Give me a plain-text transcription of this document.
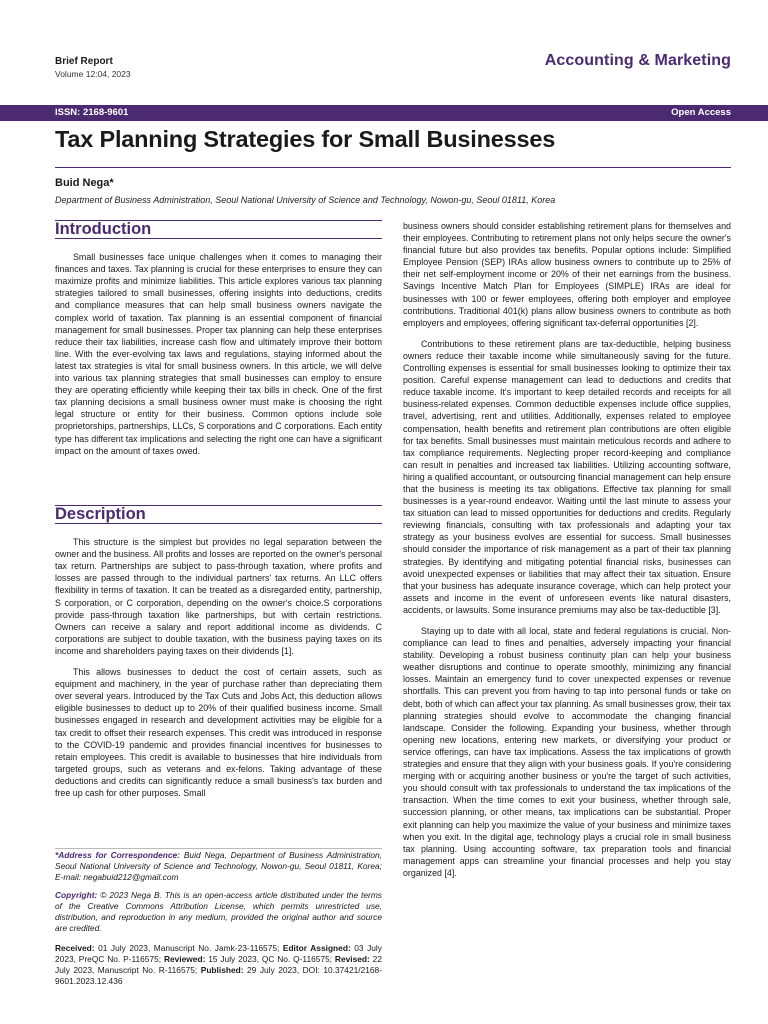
Brief Report
Volume 12:04, 2023
Accounting & Marketing
ISSN: 2168-9601	Open Access
Tax Planning Strategies for Small Businesses
Buid Nega*
Department of Business Administration, Seoul National University of Science and Technology, Nowon-gu, Seoul 01811, Korea
Introduction
Small businesses face unique challenges when it comes to managing their finances and taxes. Tax planning is crucial for these enterprises to ensure they can maximize profits and minimize liabilities. This article explores various tax planning strategies tailored to small businesses, offering insights into deductions, credits and compliance measures that can help small business owners navigate the complex world of taxation. Tax planning is an essential component of financial management for small businesses. Proper tax planning can help these enterprises reduce their tax liabilities, increase cash flow and ultimately improve their bottom line. With the ever-evolving tax laws and regulations, staying informed about the latest tax strategies is vital for small business owners. In this article, we will delve into various tax planning strategies that small businesses can employ to ensure they are operating efficiently while keeping their tax bills in check. One of the first tax planning decisions a small business owner must make is choosing the right legal structure or entity for their business. Common options include sole proprietorships, partnerships, LLCs, S corporations and C corporations. Each entity type has different tax implications and selecting the right one can have a significant impact on the amount of taxes owed.
Description
This structure is the simplest but provides no legal separation between the owner and the business. All profits and losses are reported on the owner's personal tax return. Partnerships are subject to pass-through taxation, where profits and losses are passed through to the individual partners' tax returns. An LLC offers flexibility in terms of taxation. It can be treated as a disregarded entity, partnership, S corporation, or C corporation, depending on the owner's choice.S corporations provide pass-through taxation like partnerships, but with certain restrictions. Owners can receive a salary and report additional income as dividends. C corporations are subject to double taxation, with the business paying taxes on its income and shareholders paying taxes on their dividends [1].
This allows businesses to deduct the cost of certain assets, such as equipment and machinery, in the year of purchase rather than depreciating them over several years. Introduced by the Tax Cuts and Jobs Act, this deduction allows eligible businesses to deduct up to 20% of their qualified business income. Small businesses engaged in research and development activities may be eligible for a tax credit to offset their research expenses. This credit was introduced in response to the COVID-19 pandemic and provides financial incentives for businesses to retain employees. This credit is available to businesses that hire individuals from targeted groups, such as veterans and ex-felons. Taking advantage of these deductions and credits can significantly reduce a small business's tax burden and free up cash for other purposes. Small
*Address for Correspondence: Buid Nega, Department of Business Administration, Seoul National University of Science and Technology, Nowon-gu, Seoul 01811, Korea; E-mail: negabuid212@gmail.com
Copyright: © 2023 Nega B. This is an open-access article distributed under the terms of the Creative Commons Attribution License, which permits unrestricted use, distribution, and reproduction in any medium, provided the original author and source are credited.
Received: 01 July 2023, Manuscript No. Jamk-23-116575; Editor Assigned: 03 July 2023, PreQC No. P-116575; Reviewed: 15 July 2023, QC No. Q-116575; Revised: 22 July 2023, Manuscript No. R-116575; Published: 29 July 2023, DOI: 10.37421/2168-9601.2023.12.436
business owners should consider establishing retirement plans for themselves and their employees. Contributing to retirement plans not only helps secure the owner's financial future but also provides tax benefits. Popular options include: Simplified Employee Pension (SEP) IRAs allow business owners to contribute up to 25% of their net self-employment income or 20% of their net earnings from the business. Savings Incentive Match Plan for Employees (SIMPLE) IRAs are ideal for businesses with 100 or fewer employees, offering both employer and employee contributions. Traditional 401(k) plans allow business owners to contribute as both employers and employees, offering significant tax-deferral opportunities [2].
Contributions to these retirement plans are tax-deductible, helping business owners reduce their taxable income while simultaneously saving for the future. Controlling expenses is essential for small businesses looking to optimize their tax position. Careful expense management can lead to deductions and credits that reduce taxable income. It's important to keep detailed records and receipts for all business-related expenses. Common deductible expenses include office supplies, travel, advertising, rent and utilities. Additionally, expenses related to employee compensation, health benefits and retirement plan contributions are often eligible for tax benefits. Small businesses must maintain meticulous records and adhere to tax compliance requirements. Neglecting proper record-keeping and compliance can result in penalties and increased tax liabilities. Utilizing accounting software, hiring a qualified accountant, or outsourcing financial management can help ensure that the business is meeting its tax obligations. Effective tax planning for small businesses is a year-round endeavor. Waiting until the last minute to assess your tax situation can lead to missed opportunities for deductions and credits. Regularly reviewing financials, consulting with tax professionals and adapting your tax strategy as your business evolves are essential for success. Small businesses should consider the importance of risk management as a part of their tax planning strategies. By identifying and mitigating potential financial risks, businesses can avoid unexpected expenses or liabilities that may affect their tax situation. Ensure that your business has adequate insurance coverage, which can help protect your assets and income in the event of unforeseen events like natural disasters, accidents, or lawsuits. Some insurance premiums may also be tax-deductible [3].
Staying up to date with all local, state and federal regulations is crucial. Non-compliance can lead to fines and penalties, adversely impacting your financial stability. Developing a robust business continuity plan can help your business weather disruptions and continue to operate smoothly, minimizing any financial losses. Maintain an emergency fund to cover unexpected expenses or revenue shortfalls. This can prevent you from having to tap into personal funds or take on debt, both of which can affect your tax planning. As small businesses grow, their tax planning strategies should evolve to accommodate the changing financial landscape. Consider the following. Expanding your business, whether through opening new locations, entering new markets, or diversifying your product or service offerings, can have tax implications. Assess the tax implications of growth strategies and ensure that they align with your business goals. If you're considering merging with or acquiring another business or you're the target of such activities, you should consult with tax professionals to understand the tax implications of the transaction. When the time comes to exit your business, whether through sale, succession planning, or other means, tax implications can be substantial. Proper exit planning can help you maximize the value of your business and minimize taxes when you exit. In the digital age, technology plays a crucial role in small business tax planning. Using accounting software, tax preparation tools and financial management apps can streamline your financial processes and help you stay organized [4].
